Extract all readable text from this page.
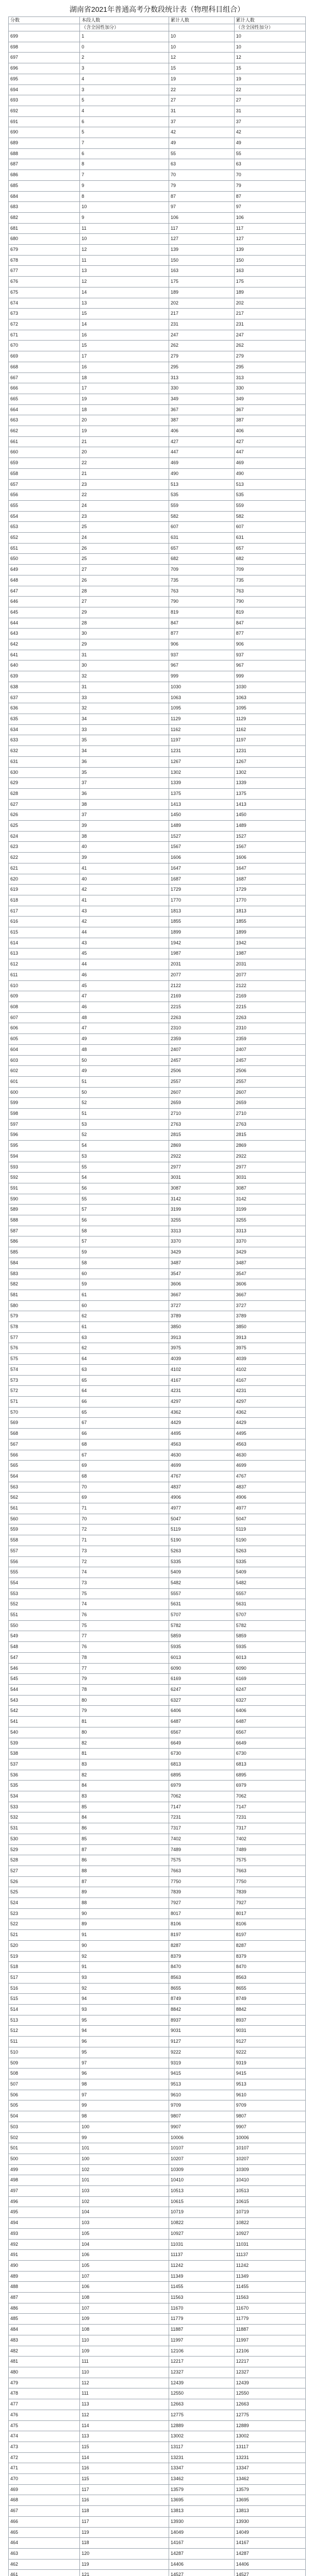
湖南省2021年普通高考分数段统计表（物理科目组合）
分数	本段人数	累计人数	累计人数
	（含全国性加分）		（含全国性加分）
699	1	10	10
698	0	10	10
697	2	12	12
696	3	15	15
695	4	19	19
694	3	22	22
693	5	27	27
692	4	31	31
691	6	37	37
690	5	42	42
689	7	49	49
688	6	55	55
687	8	63	63
686	7	70	70
685	9	79	79
684	8	87	87
683	10	97	97
682	9	106	106
681	11	117	117
680	10	127	127
679	12	139	139
678	11	150	150
677	13	163	163
676	12	175	175
675	14	189	189
674	13	202	202
673	15	217	217
672	14	231	231
671	16	247	247
670	15	262	262
669	17	279	279
668	16	295	295
667	18	313	313
666	17	330	330
665	19	349	349
664	18	367	367
663	20	387	387
662	19	406	406
661	21	427	427
660	20	447	447
659	22	469	469
658	21	490	490
657	23	513	513
656	22	535	535
655	24	559	559
654	23	582	582
653	25	607	607
652	24	631	631
651	26	657	657
650	25	682	682
649	27	709	709
648	26	735	735
647	28	763	763
646	27	790	790
645	29	819	819
644	28	847	847
643	30	877	877
642	29	906	906
641	31	937	937
640	30	967	967
639	32	999	999
638	31	1030	1030
637	33	1063	1063
636	32	1095	1095
635	34	1129	1129
634	33	1162	1162
633	35	1197	1197
632	34	1231	1231
631	36	1267	1267
630	35	1302	1302
629	37	1339	1339
628	36	1375	1375
627	38	1413	1413
626	37	1450	1450
625	39	1489	1489
624	38	1527	1527
623	40	1567	1567
622	39	1606	1606
621	41	1647	1647
620	40	1687	1687
619	42	1729	1729
618	41	1770	1770
617	43	1813	1813
616	42	1855	1855
615	44	1899	1899
614	43	1942	1942
613	45	1987	1987
612	44	2031	2031
611	46	2077	2077
610	45	2122	2122
609	47	2169	2169
608	46	2215	2215
607	48	2263	2263
606	47	2310	2310
605	49	2359	2359
604	48	2407	2407
603	50	2457	2457
602	49	2506	2506
601	51	2557	2557
600	50	2607	2607
599	52	2659	2659
598	51	2710	2710
597	53	2763	2763
596	52	2815	2815
595	54	2869	2869
594	53	2922	2922
593	55	2977	2977
592	54	3031	3031
591	56	3087	3087
590	55	3142	3142
589	57	3199	3199
588	56	3255	3255
587	58	3313	3313
586	57	3370	3370
585	59	3429	3429
584	58	3487	3487
583	60	3547	3547
582	59	3606	3606
581	61	3667	3667
580	60	3727	3727
579	62	3789	3789
578	61	3850	3850
577	63	3913	3913
576	62	3975	3975
575	64	4039	4039
574	63	4102	4102
573	65	4167	4167
572	64	4231	4231
571	66	4297	4297
570	65	4362	4362
569	67	4429	4429
568	66	4495	4495
567	68	4563	4563
566	67	4630	4630
565	69	4699	4699
564	68	4767	4767
563	70	4837	4837
562	69	4906	4906
561	71	4977	4977
560	70	5047	5047
559	72	5119	5119
558	71	5190	5190
557	73	5263	5263
556	72	5335	5335
555	74	5409	5409
554	73	5482	5482
553	75	5557	5557
552	74	5631	5631
551	76	5707	5707
550	75	5782	5782
549	77	5859	5859
548	76	5935	5935
547	78	6013	6013
546	77	6090	6090
545	79	6169	6169
544	78	6247	6247
543	80	6327	6327
542	79	6406	6406
541	81	6487	6487
540	80	6567	6567
539	82	6649	6649
538	81	6730	6730
537	83	6813	6813
536	82	6895	6895
535	84	6979	6979
534	83	7062	7062
533	85	7147	7147
532	84	7231	7231
531	86	7317	7317
530	85	7402	7402
529	87	7489	7489
528	86	7575	7575
527	88	7663	7663
526	87	7750	7750
525	89	7839	7839
524	88	7927	7927
523	90	8017	8017
522	89	8106	8106
521	91	8197	8197
520	90	8287	8287
519	92	8379	8379
518	91	8470	8470
517	93	8563	8563
516	92	8655	8655
515	94	8749	8749
514	93	8842	8842
513	95	8937	8937
512	94	9031	9031
511	96	9127	9127
510	95	9222	9222
509	97	9319	9319
508	96	9415	9415
507	98	9513	9513
506	97	9610	9610
505	99	9709	9709
504	98	9807	9807
503	100	9907	9907
502	99	10006	10006
501	101	10107	10107
500	100	10207	10207
499	102	10309	10309
498	101	10410	10410
497	103	10513	10513
496	102	10615	10615
495	104	10719	10719
494	103	10822	10822
493	105	10927	10927
492	104	11031	11031
491	106	11137	11137
490	105	11242	11242
489	107	11349	11349
488	106	11455	11455
487	108	11563	11563
486	107	11670	11670
485	109	11779	11779
484	108	11887	11887
483	110	11997	11997
482	109	12106	12106
481	111	12217	12217
480	110	12327	12327
479	112	12439	12439
478	111	12550	12550
477	113	12663	12663
476	112	12775	12775
475	114	12889	12889
474	113	13002	13002
473	115	13117	13117
472	114	13231	13231
471	116	13347	13347
470	115	13462	13462
469	117	13579	13579
468	116	13695	13695
467	118	13813	13813
466	117	13930	13930
465	119	14049	14049
464	118	14167	14167
463	120	14287	14287
462	119	14406	14406
461	121	14527	14527
